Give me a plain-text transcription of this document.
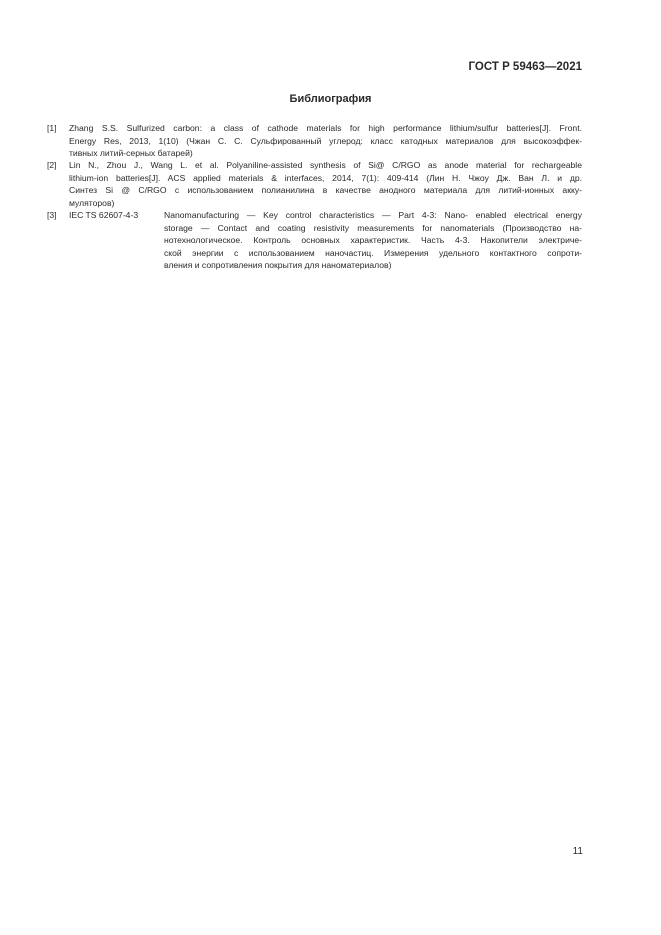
ГОСТ Р 59463—2021
Библиография
[1] Zhang S.S. Sulfurized carbon: a class of cathode materials for high performance lithium/sulfur batteries[J]. Front.
Energy Res, 2013, 1(10) (Чжан С. С. Сульфированный углерод: класс катодных материалов для высокоэффек-
тивных литий-серных батарей)
[2] Lin N., Zhou J., Wang L. et al. Polyaniline-assisted synthesis of Si@ C/RGO as anode material for rechargeable
lithium-ion batteries[J]. ACS applied materials & interfaces, 2014, 7(1): 409-414 (Лин Н. Чжоу Дж. Ван Л. и др.
Синтез Si @ C/RGO с использованием полианилина в качестве анодного материала для литий-ионных акку-
муляторов)
[3] IEC TS 62607-4-3	Nanomanufacturing — Key control characteristics — Part 4-3: Nano- enabled electrical energy
storage — Contact and coating resistivity measurements for nanomaterials (Производство на-
нотехнологическое. Контроль основных характеристик. Часть 4-3. Накопители электриче-
ской энергии с использованием наночастиц. Измерения удельного контактного сопроти-
вления и сопротивления покрытия для наноматериалов)
11
